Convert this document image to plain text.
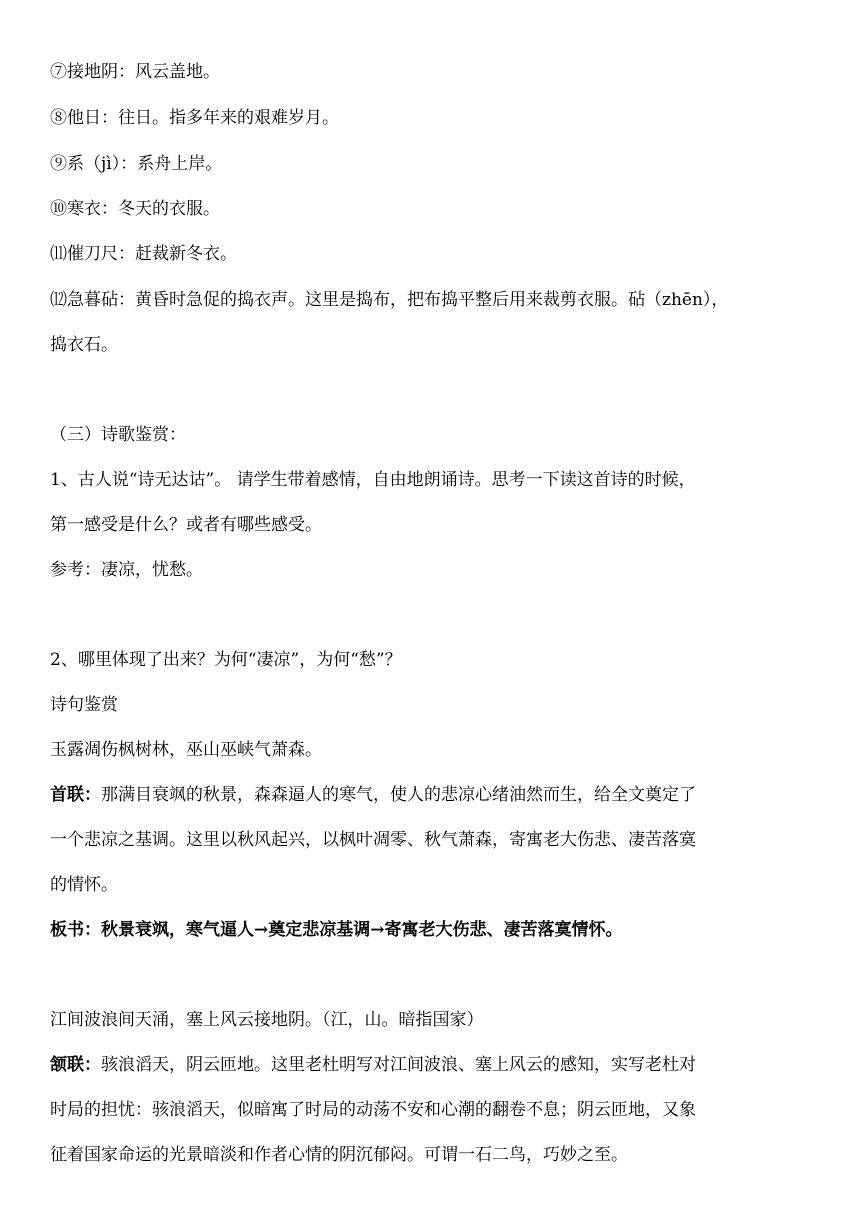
⑦接地阴：风云盖地。
⑧他日：往日。指多年来的艰难岁月。
⑨系（jì）：系舟上岸。
⑩寒衣：冬天的衣服。
⑾催刀尺：赶裁新冬衣。
⑿急暮砧：黄昏时急促的捣衣声。这里是捣布，把布捣平整后用来裁剪衣服。砧（zhēn），
捣衣石。
（三）诗歌鉴赏：
1、古人说“诗无达诂”。 请学生带着感情，自由地朗诵诗。思考一下读这首诗的时候，
第一感受是什么？或者有哪些感受。
参考：凄凉，忧愁。
2、哪里体现了出来？为何“凄凉”，为何“愁”？
诗句鉴赏
玉露凋伤枫树林，巫山巫峡气萧森。
首联：那满目衰飒的秋景，森森逼人的寒气，使人的悲凉心绪油然而生，给全文奠定了
一个悲凉之基调。这里以秋风起兴，以枫叶凋零、秋气萧森，寄寓老大伤悲、凄苦落寞
的情怀。
板书：秋景衰飒，寒气逼人→奠定悲凉基调→寄寓老大伤悲、凄苦落寞情怀。
江间波浪间天涌，塞上风云接地阴。（江，山。暗指国家）
颔联：骇浪滔天，阴云匝地。这里老杜明写对江间波浪、塞上风云的感知，实写老杜对
时局的担忧：骇浪滔天，似暗寓了时局的动荡不安和心潮的翻卷不息；阴云匝地，又象
征着国家命运的光景暗淡和作者心情的阴沉郁闷。可谓一石二鸟，巧妙之至。
